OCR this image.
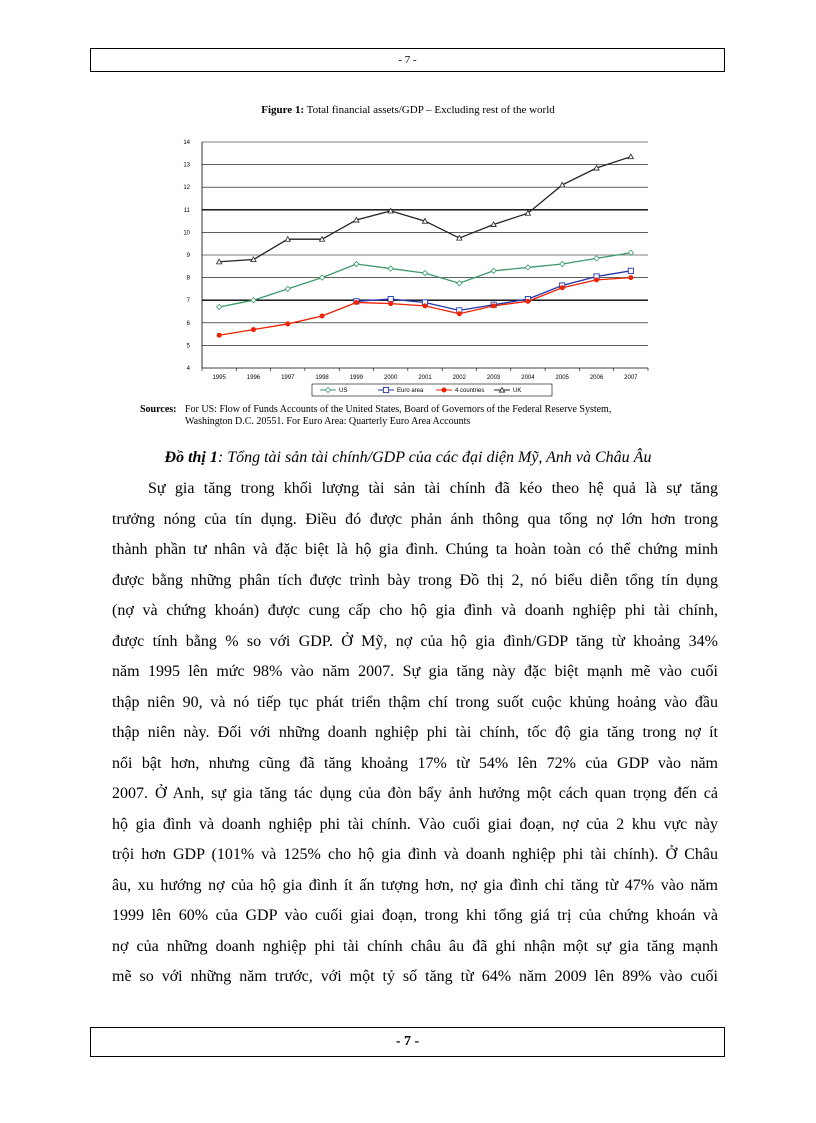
- 7 -
Figure 1: Total financial assets/GDP – Excluding rest of the world
4
5
6
7
8
9
10
11
12
13
14
1995	1996	1997	1998	1999	2000	2001	2002	2003	2004	2005	2006	2007
US	Euro area	4 countries	UK
Sources: For US: Flow of Funds Accounts of the United States, Board of Governors of the Federal Reserve System,
Washington D.C. 20551. For Euro Area: Quarterly Euro Area Accounts
Đồ thị 1: Tổng tài sản tài chính/GDP của các đại diện Mỹ, Anh và Châu Âu
Sự gia tăng trong khối lượng tài sản tài chính đã kéo theo hệ quả là sự tăng
trưởng nóng của tín dụng. Điều đó được phản ánh thông qua tổng nợ lớn hơn trong
thành phần tư nhân và đặc biệt là hộ gia đình. Chúng ta hoàn toàn có thể chứng minh
được bằng những phân tích được trình bày trong Đồ thị 2, nó biểu diễn tổng tín dụng
(nợ và chứng khoán) được cung cấp cho hộ gia đình và doanh nghiệp phi tài chính,
được tính bằng % so với GDP. Ở Mỹ, nợ của hộ gia đình/GDP tăng từ khoảng 34%
năm 1995 lên mức 98% vào năm 2007. Sự gia tăng này đặc biệt mạnh mẽ vào cuối
thập niên 90, và nó tiếp tục phát triển thậm chí trong suốt cuộc khủng hoảng vào đầu
thập niên này. Đối với những doanh nghiệp phi tài chính, tốc độ gia tăng trong nợ ít
nổi bật hơn, nhưng cũng đã tăng khoảng 17% từ 54% lên 72% của GDP vào năm
2007. Ở Anh, sự gia tăng tác dụng của đòn bẩy ảnh hưởng một cách quan trọng đến cả
hộ gia đình và doanh nghiệp phi tài chính. Vào cuối giai đoạn, nợ của 2 khu vực này
trội hơn GDP (101% và 125% cho hộ gia đình và doanh nghiệp phi tài chính). Ở Châu
âu, xu hướng nợ của hộ gia đình ít ấn tượng hơn, nợ gia đình chỉ tăng từ 47% vào năm
1999 lên 60% của GDP vào cuối giai đoạn, trong khi tổng giá trị của chứng khoán và
nợ của những doanh nghiệp phi tài chính châu âu đã ghi nhận một sự gia tăng mạnh
mẽ so với những năm trước, với một tỷ số tăng từ 64% năm 2009 lên 89% vào cuối
- 7 -
